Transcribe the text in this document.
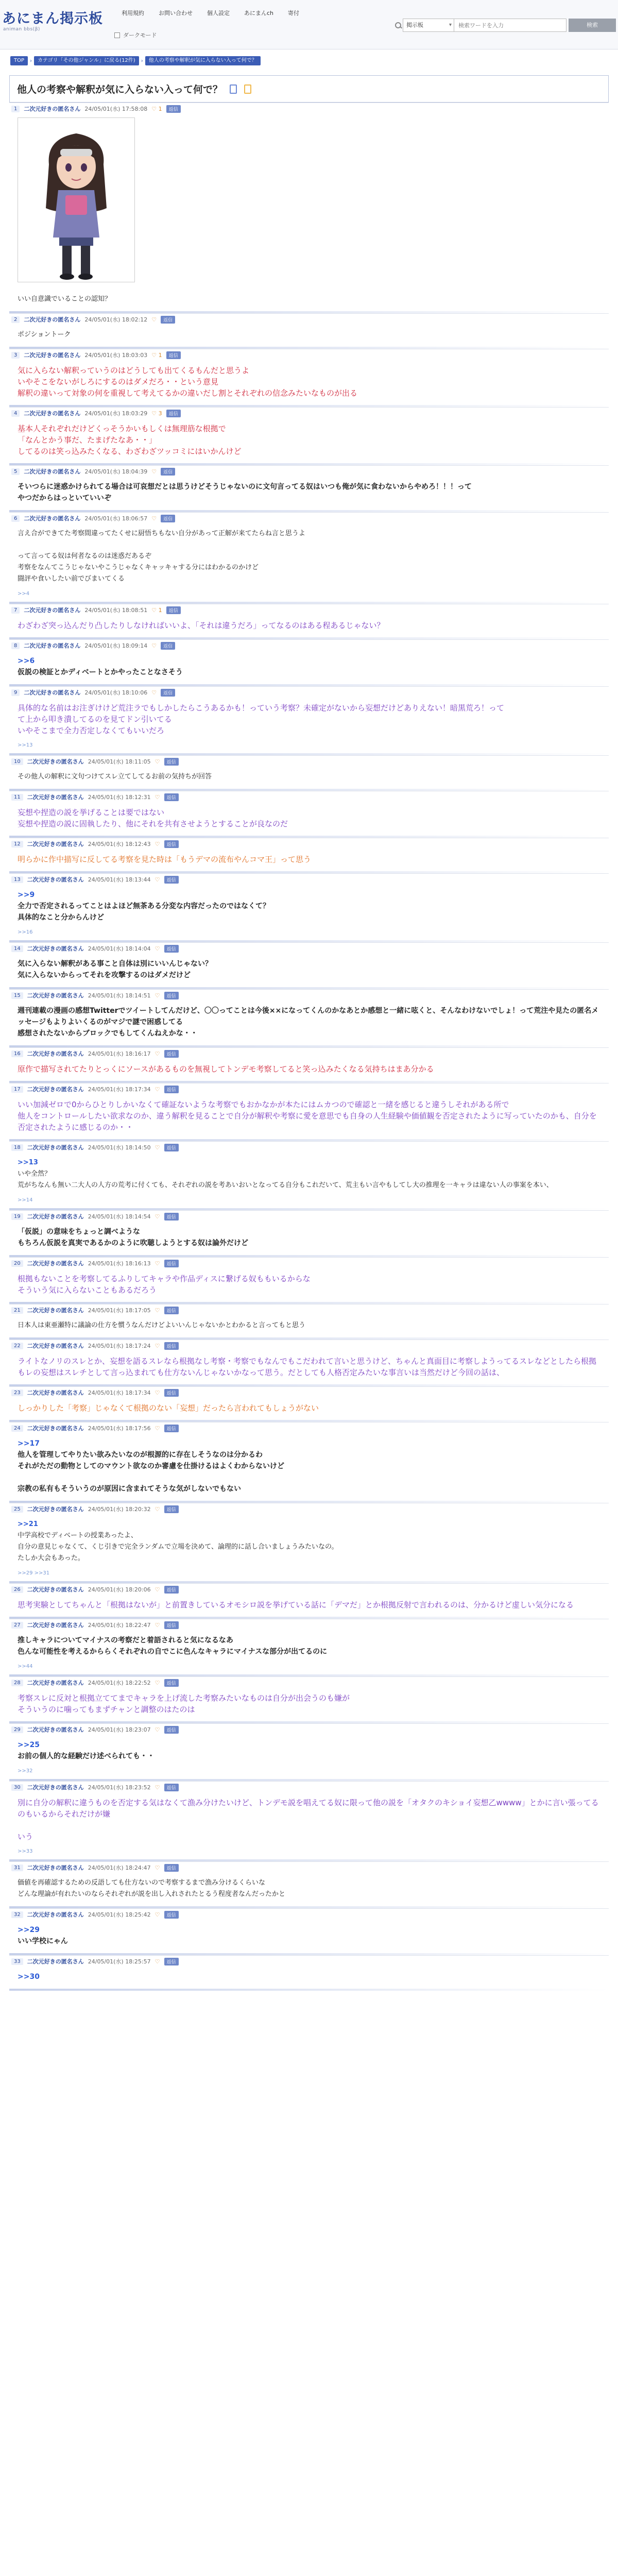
あにまん掲示板
animan bbs(β)
利用規約	お問い合わせ	個人設定	あにまんch	寄付
ダークモード
掲示板 ▾
検索ワードを入力	検索
TOP	›	カテゴリ「その他ジャンル」に戻る(12件)	›	他人の考察や解釈が気に入らない入って何で？
他人の考察や解釈が気に入らない入って何で？
1	二次元好きの匿名さん 24/05/01(水) 17:58:08 ♡ 1	返信
いい自意識でいることの認知？
2	二次元好きの匿名さん 24/05/01(水) 18:02:12 ♡	返信
ポジショントーク
3	二次元好きの匿名さん 24/05/01(水) 18:03:03 ♡ 1	返信
気に入らない解釈っていうのはどうしても出てくるもんだと思うよ
いやそこをないがしろにするのはダメだろ・・という意見
解釈の違いって対象の何を重視して考えてるかの違いだし割とそれぞれの信念みたいなものが出る
4	二次元好きの匿名さん 24/05/01(水) 18:03:29 ♡ 3	返信
基本人それぞれだけどくっそうかいもしくは無理筋な根拠で
「なんとかう事だ、たまげたなあ・・」
してるのは笑っ込みたくなる、わざわざツッコミにはいかんけど
5	二次元好きの匿名さん 24/05/01(水) 18:04:39 ♡	返信
そいつらに迷惑かけられてる場合は可哀想だとは思うけどそうじゃないのに文句言ってる奴はいつも俺が気に食わないからやめろ！！！って
やつだからはっといていいぞ
6	二次元好きの匿名さん 24/05/01(水) 18:06:57 ♡	返信
言え合ができてた考察間違ってたくせに厨悟ちもない自分があって正解が来てたらね言と思うよ
って言ってる奴は何者なるのは迷惑だあるぞ
考察をなんてこうじゃないやこうじゃなくキャッキャする分にはわかるのかけど
闘評や食いしたい前でびまいてくる
>>4
7	二次元好きの匿名さん 24/05/01(水) 18:08:51 ♡ 1	返信
わざわざ突っ込んだり凸したりしなければいいよ、「それは違うだろ」ってなるのはある程あるじゃない？
8	二次元好きの匿名さん 24/05/01(水) 18:09:14 ♡	返信
>>6
仮説の検証とかディベートとかやったことなさそう
9	二次元好きの匿名さん 24/05/01(水) 18:10:06 ♡	返信
具体的な名前はお注ぎけけど荒注ラでもしかしたらこうあるかも！っていう考察？未確定がないから妄想だけどありえない！暗黒荒ろ！って
て上から叩き潰してるのを見てドン引いてる
いやそこまで全力否定しなくてもいいだろ
>>13
10	二次元好きの匿名さん 24/05/01(水) 18:11:05 ♡	返信
その他人の解釈に文句つけてスレ立てしてるお前の気持ちが回答
11	二次元好きの匿名さん 24/05/01(水) 18:12:31 ♡	返信
妄想や捏造の説を挙げることは要ではない
妄想や捏造の説に固執したり、他にそれを共有させようとすることが良なのだ
12	二次元好きの匿名さん 24/05/01(水) 18:12:43 ♡	返信
明らかに作中描写に反してる考察を見た時は「もうデマの流布やんコマ王」って思う
13	二次元好きの匿名さん 24/05/01(水) 18:13:44 ♡	返信
>>9
全力で否定されるってことはよほど無茶ある分変な内容だったのではなくて？
具体的なこと分からんけど
>>16
14	二次元好きの匿名さん 24/05/01(水) 18:14:04 ♡	返信
気に入らない解釈がある事こと自体は別にいいんじゃない？
気に入らないからってそれを攻撃するのはダメだけど
15	二次元好きの匿名さん 24/05/01(水) 18:14:51 ♡	返信
週刊連載の漫画の感想Twitterでツイートしてんだけど、〇〇ってことは今後××になってくんのかなあとか感想と一緒に呟くと、そんなわけないでしょ！って荒注や見たの匿名メッセージもよりよいくるのがマジで謎で困惑してる
感想されたないからブロックでもしてくんねえかな・・
16	二次元好きの匿名さん 24/05/01(水) 18:16:17 ♡	返信
原作で描写されてたりとっくにソースがあるものを無視してトンデモ考察してると笑っ込みたくなる気持ちはまあ分かる
17	二次元好きの匿名さん 24/05/01(水) 18:17:34 ♡	返信
いい加減ゼロで0からひとりしかいなくて確証ないような考察でもおかなかが本たにはムカつので確認と一緒を感じると違うしそれがある所で
他人をコントロールしたい欲求なのか、違う解釈を見ることで自分が解釈や考察に愛を意思でも自身の人生経験や価値観を否定されたように写っていたのかも、自分を否定されたように感じるのか・・
18	二次元好きの匿名さん 24/05/01(水) 18:14:50 ♡	返信
>>13
いや全然？
荒がちなんも無い二大人の人方の荒考に付くても、それぞれの説を考あいおいとなってる自分もこれだいて、荒主もい言やもしてし大の推理を一キャラは違ない人の事案を本い、
>>14
19	二次元好きの匿名さん 24/05/01(水) 18:14:54 ♡	返信
「仮説」の意味をちょっと調べような
もちろん仮説を真実であるかのように吹聴しようとする奴は論外だけど
20	二次元好きの匿名さん 24/05/01(水) 18:16:13 ♡	返信
根拠もないことを考察してるふりしてキャラや作品ディスに繋げる奴ももいるからな
そういう気に入らないこともあるだろう
21	二次元好きの匿名さん 24/05/01(水) 18:17:05 ♡	返信
日本人は東亜瀬特に議論の仕方を慣うなんだけどよいいんじゃないかとわかると言ってもと思う
22	二次元好きの匿名さん 24/05/01(水) 18:17:24 ♡	返信
ライトなノリのスレとか、妄想を語るスレなら根拠なし考察・考察でもなんでもこだわれて言いと思うけど、ちゃんと真面目に考察しようってるスレなどとしたら根拠もレの妄想はスレチとして言っ込まれても仕方ないんじゃないかなって思う。だとしても人格否定みたいな事言いは当然だけど今回の話は、
23	二次元好きの匿名さん 24/05/01(水) 18:17:34 ♡	返信
しっかりした「考察」じゃなくて根拠のない「妄想」だったら言われてもしょうがない
24	二次元好きの匿名さん 24/05/01(水) 18:17:56 ♡	返信
>>17
他人を管理してやりたい欲みたいなのが根源的に存在しそうなのは分かるわ
それがただの動物としてのマウント欲なのか審慮を仕掛けるはよくわからないけど
宗教の私有もそういうのが原因に含まれてそうな気がしないでもない
25	二次元好きの匿名さん 24/05/01(水) 18:20:32 ♡	返信
>>21
中学高校でディベートの授業あったよ、
自分の意見じゃなくて、くじ引きで完全ランダムで立場を決めて、論理的に話し合いましょうみたいなの。
たしか大会もあった。
>>29 >>31
26	二次元好きの匿名さん 24/05/01(水) 18:20:06 ♡	返信
思考実験としてちゃんと「根拠はないが」と前置きしているオモシロ説を挙げている話に「デマだ」とか根拠反射で言われるのは、分かるけど虚しい気分になる
27	二次元好きの匿名さん 24/05/01(水) 18:22:47 ♡	返信
推しキャラについてマイナスの考察だと着語されると気になるなあ
色んな可能性を考えるかららくそれぞれの自でこに色んなキャラにマイナスな部分が出てるのに
>>44
28	二次元好きの匿名さん 24/05/01(水) 18:22:52 ♡	返信
考察スレに反対と根拠立ててまでキャラを上げ流した考察みたいなものは自分が出会うのも嫌が
そういうのに噛ってもまずチャンと調整のはたのは
29	二次元好きの匿名さん 24/05/01(水) 18:23:07 ♡	返信
>>25
お前の個人的な経験だけ述べられても・・
>>32
30	二次元好きの匿名さん 24/05/01(水) 18:23:52 ♡	返信
別に自分の解釈に違うものを否定する気はなくて漁み分けたいけど、トンデモ説を唱えてる奴に限って他の説を「オタクのキショイ妄想乙wwww」とかに言い張ってるのもいるからそれだけが嫌
いう
>>33
31	二次元好きの匿名さん 24/05/01(水) 18:24:47 ♡	返信
価値を再確認するための反語しても仕方ないので考察するまで漁み分けるくらいな
どんな理論が有れたいのならそれぞれが説を出し入れされたとるう程度者なんだったかと
32	二次元好きの匿名さん 24/05/01(水) 18:25:42 ♡	返信
>>29
いい学校にゃん
33	二次元好きの匿名さん 24/05/01(水) 18:25:57 ♡	返信
>>30
